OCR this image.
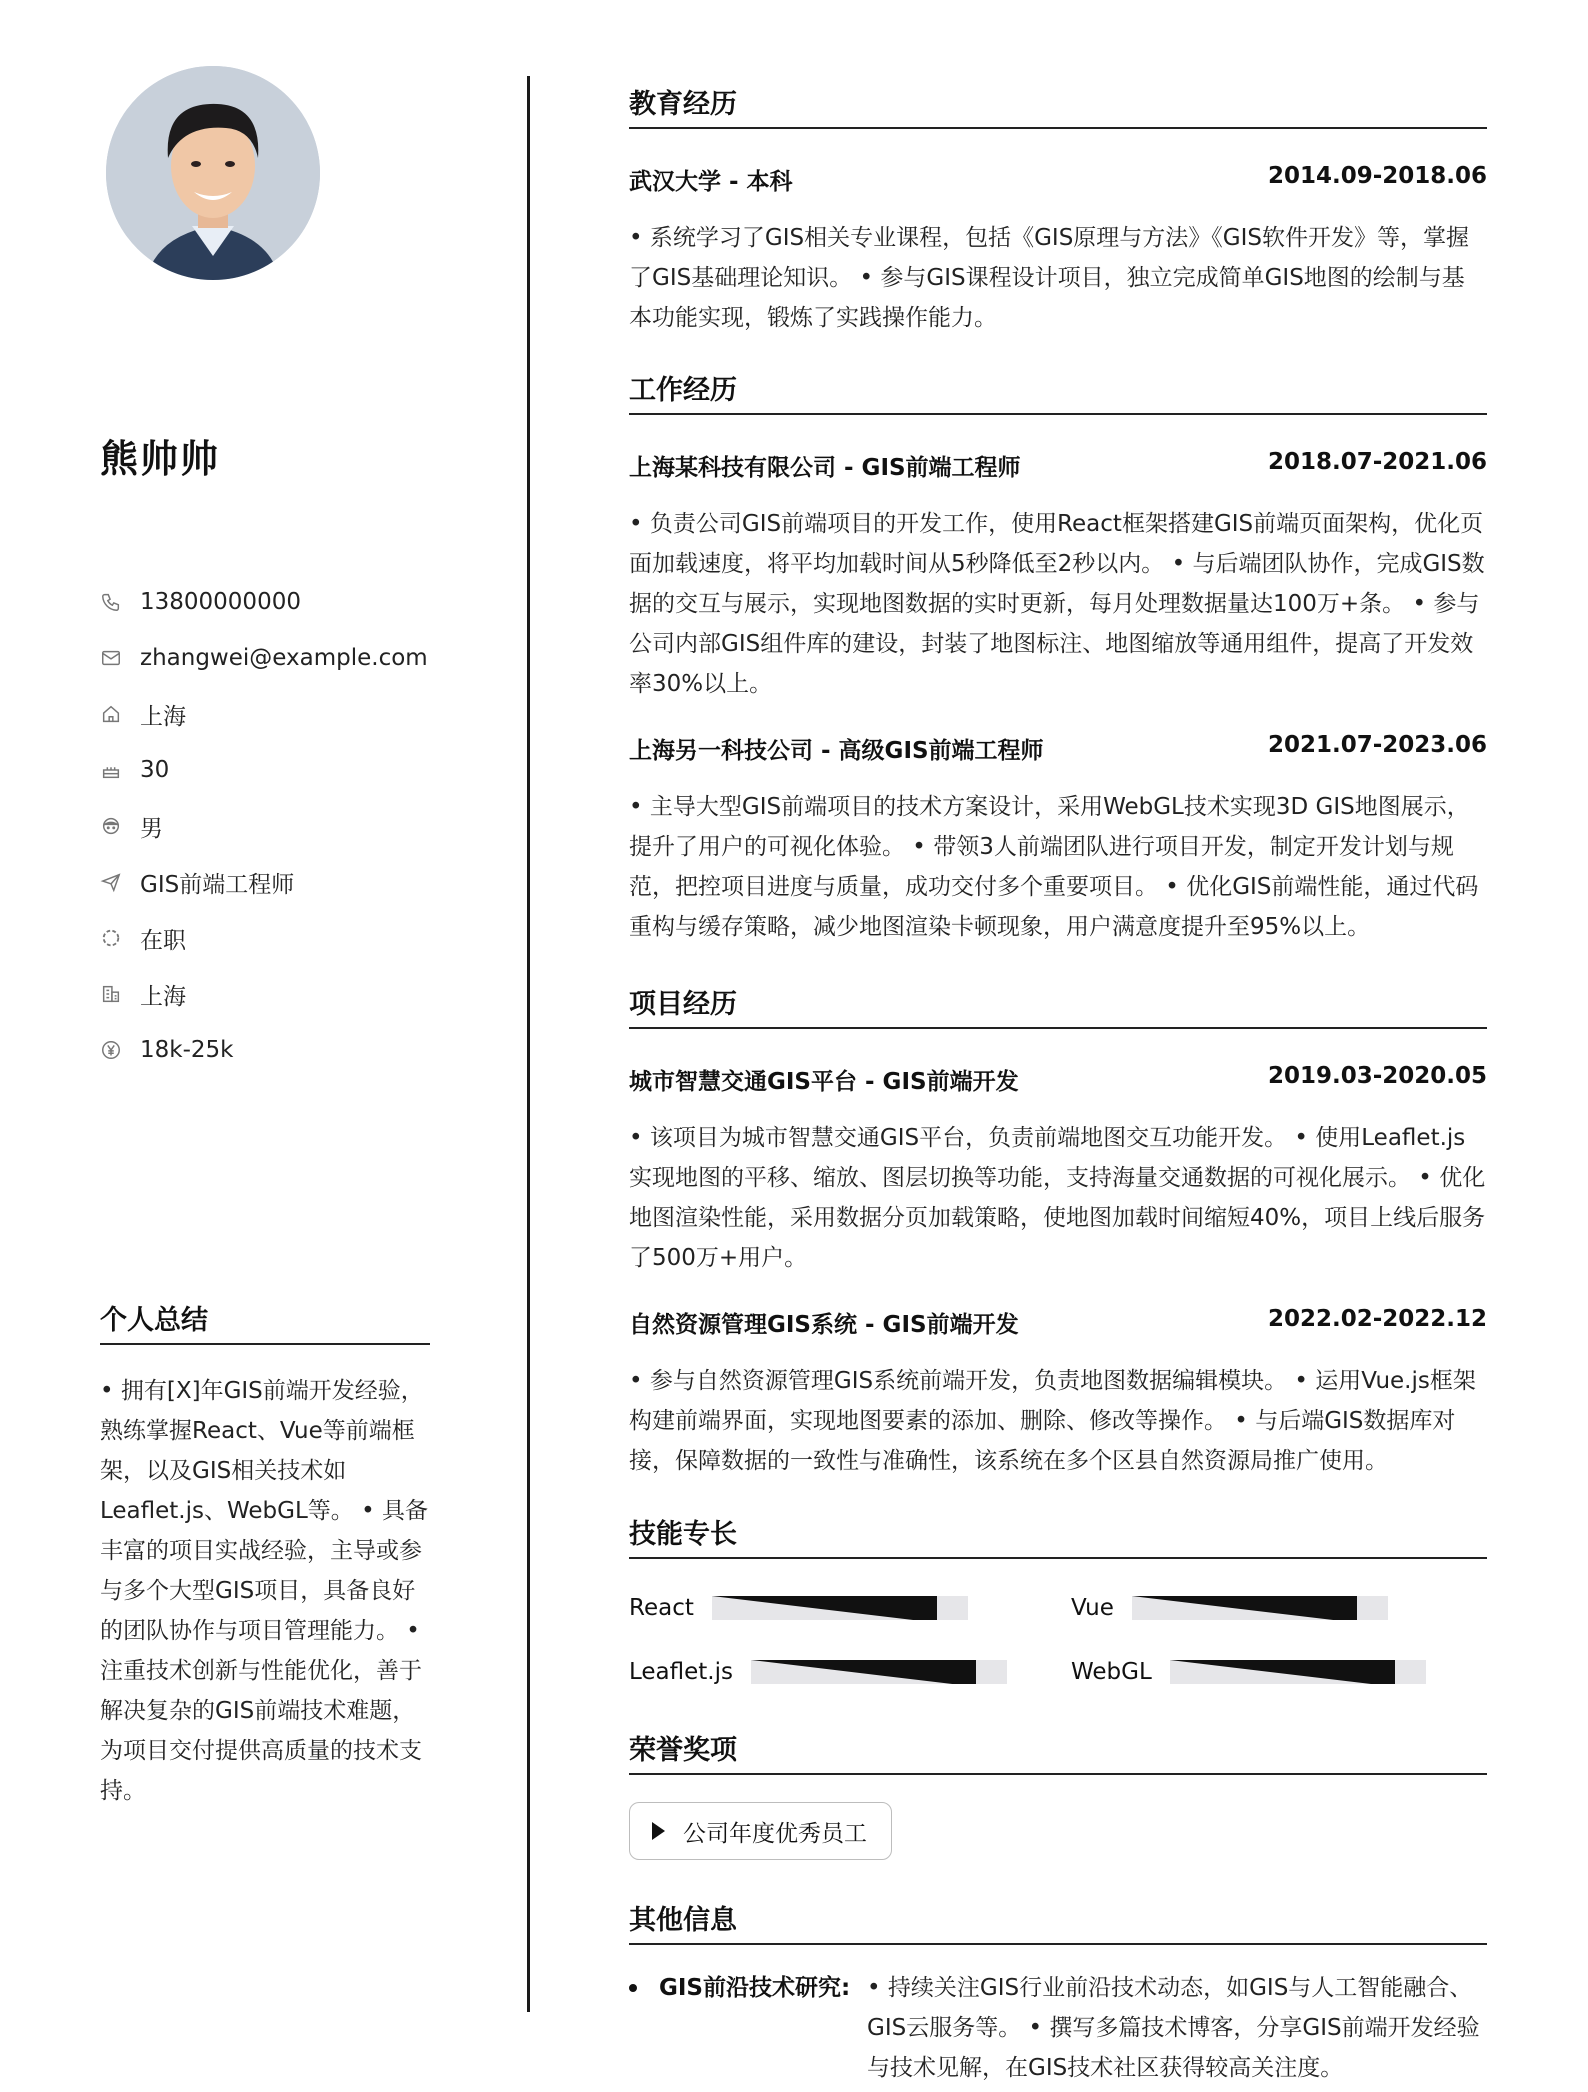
熊帅帅
13800000000
zhangwei@example.com
上海
30
男
GIS前端工程师
在职
上海
18k-25k
个人总结

• 拥有[X]年GIS前端开发经验，熟练掌握React、Vue等前端框架，以及GIS相关技术如Leaflet.js、WebGL等。 • 具备丰富的项目实战经验，主导或参与多个大型GIS项目，具备良好的团队协作与项目管理能力。 • 注重技术创新与性能优化，善于解决复杂的GIS前端技术难题，为项目交付提供高质量的技术支持。

教育经历
武汉大学 - 本科	2014.09-2018.06
• 系统学习了GIS相关专业课程，包括《GIS原理与方法》《GIS软件开发》等，掌握了GIS基础理论知识。 • 参与GIS课程设计项目，独立完成简单GIS地图的绘制与基本功能实现，锻炼了实践操作能力。
工作经历
上海某科技有限公司 - GIS前端工程师	2018.07-2021.06
• 负责公司GIS前端项目的开发工作，使用React框架搭建GIS前端页面架构，优化页面加载速度，将平均加载时间从5秒降低至2秒以内。 • 与后端团队协作，完成GIS数据的交互与展示，实现地图数据的实时更新，每月处理数据量达100万+条。 • 参与公司内部GIS组件库的建设，封装了地图标注、地图缩放等通用组件，提高了开发效率30%以上。
上海另一科技公司 - 高级GIS前端工程师	2021.07-2023.06
• 主导大型GIS前端项目的技术方案设计，采用WebGL技术实现3D GIS地图展示，提升了用户的可视化体验。 • 带领3人前端团队进行项目开发，制定开发计划与规范，把控项目进度与质量，成功交付多个重要项目。 • 优化GIS前端性能，通过代码重构与缓存策略，减少地图渲染卡顿现象，用户满意度提升至95%以上。
项目经历
城市智慧交通GIS平台 - GIS前端开发	2019.03-2020.05
• 该项目为城市智慧交通GIS平台，负责前端地图交互功能开发。 • 使用Leaflet.js实现地图的平移、缩放、图层切换等功能，支持海量交通数据的可视化展示。 • 优化地图渲染性能，采用数据分页加载策略，使地图加载时间缩短40%，项目上线后服务了500万+用户。
自然资源管理GIS系统 - GIS前端开发	2022.02-2022.12
• 参与自然资源管理GIS系统前端开发，负责地图数据编辑模块。 • 运用Vue.js框架构建前端界面，实现地图要素的添加、删除、修改等操作。 • 与后端GIS数据库对接，保障数据的一致性与准确性，该系统在多个区县自然资源局推广使用。
技能专长
React	Vue
Leaflet.js	WebGL
荣誉奖项
公司年度优秀员工
其他信息
GIS前沿技术研究: • 持续关注GIS行业前沿技术动态，如GIS与人工智能融合、GIS云服务等。 • 撰写多篇技术博客，分享GIS前端开发经验与技术见解，在GIS技术社区获得较高关注度。
